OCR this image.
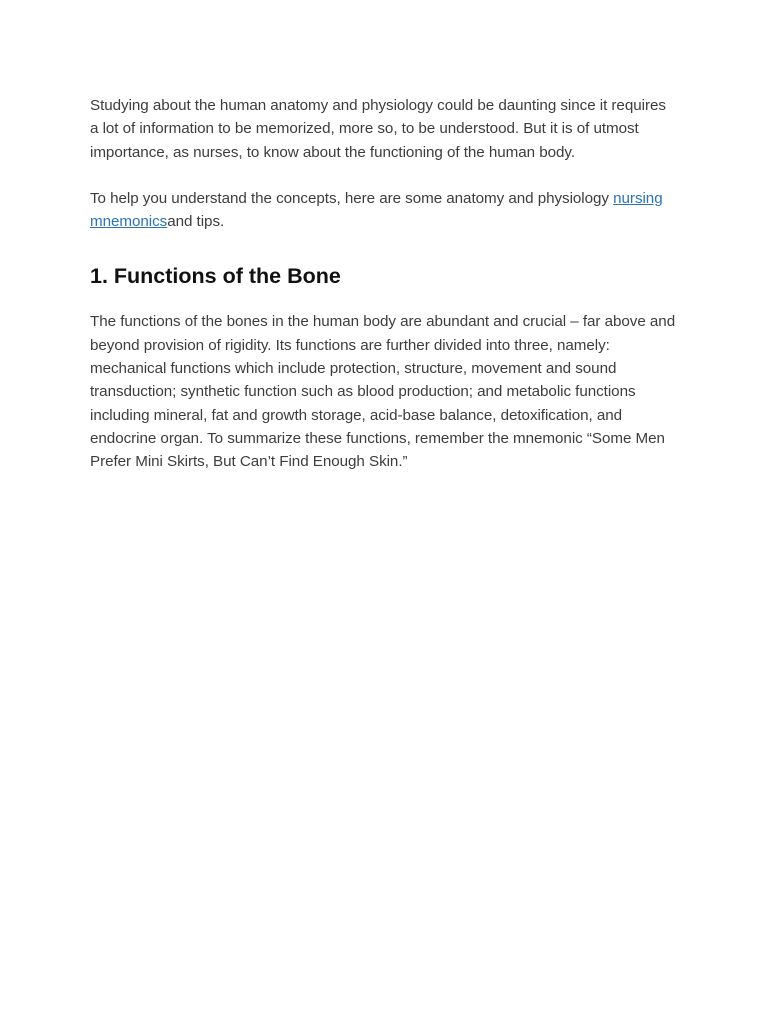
Studying about the human anatomy and physiology could be daunting since it requires a lot of information to be memorized, more so, to be understood. But it is of utmost importance, as nurses, to know about the functioning of the human body.

To help you understand the concepts, here are some anatomy and physiology nursing mnemonicsand tips.

1. Functions of the Bone

The functions of the bones in the human body are abundant and crucial – far above and beyond provision of rigidity. Its functions are further divided into three, namely: mechanical functions which include protection, structure, movement and sound transduction; synthetic function such as blood production; and metabolic functions including mineral, fat and growth storage, acid-base balance, detoxification, and endocrine organ. To summarize these functions, remember the mnemonic “Some Men Prefer Mini Skirts, But Can’t Find Enough Skin.”
